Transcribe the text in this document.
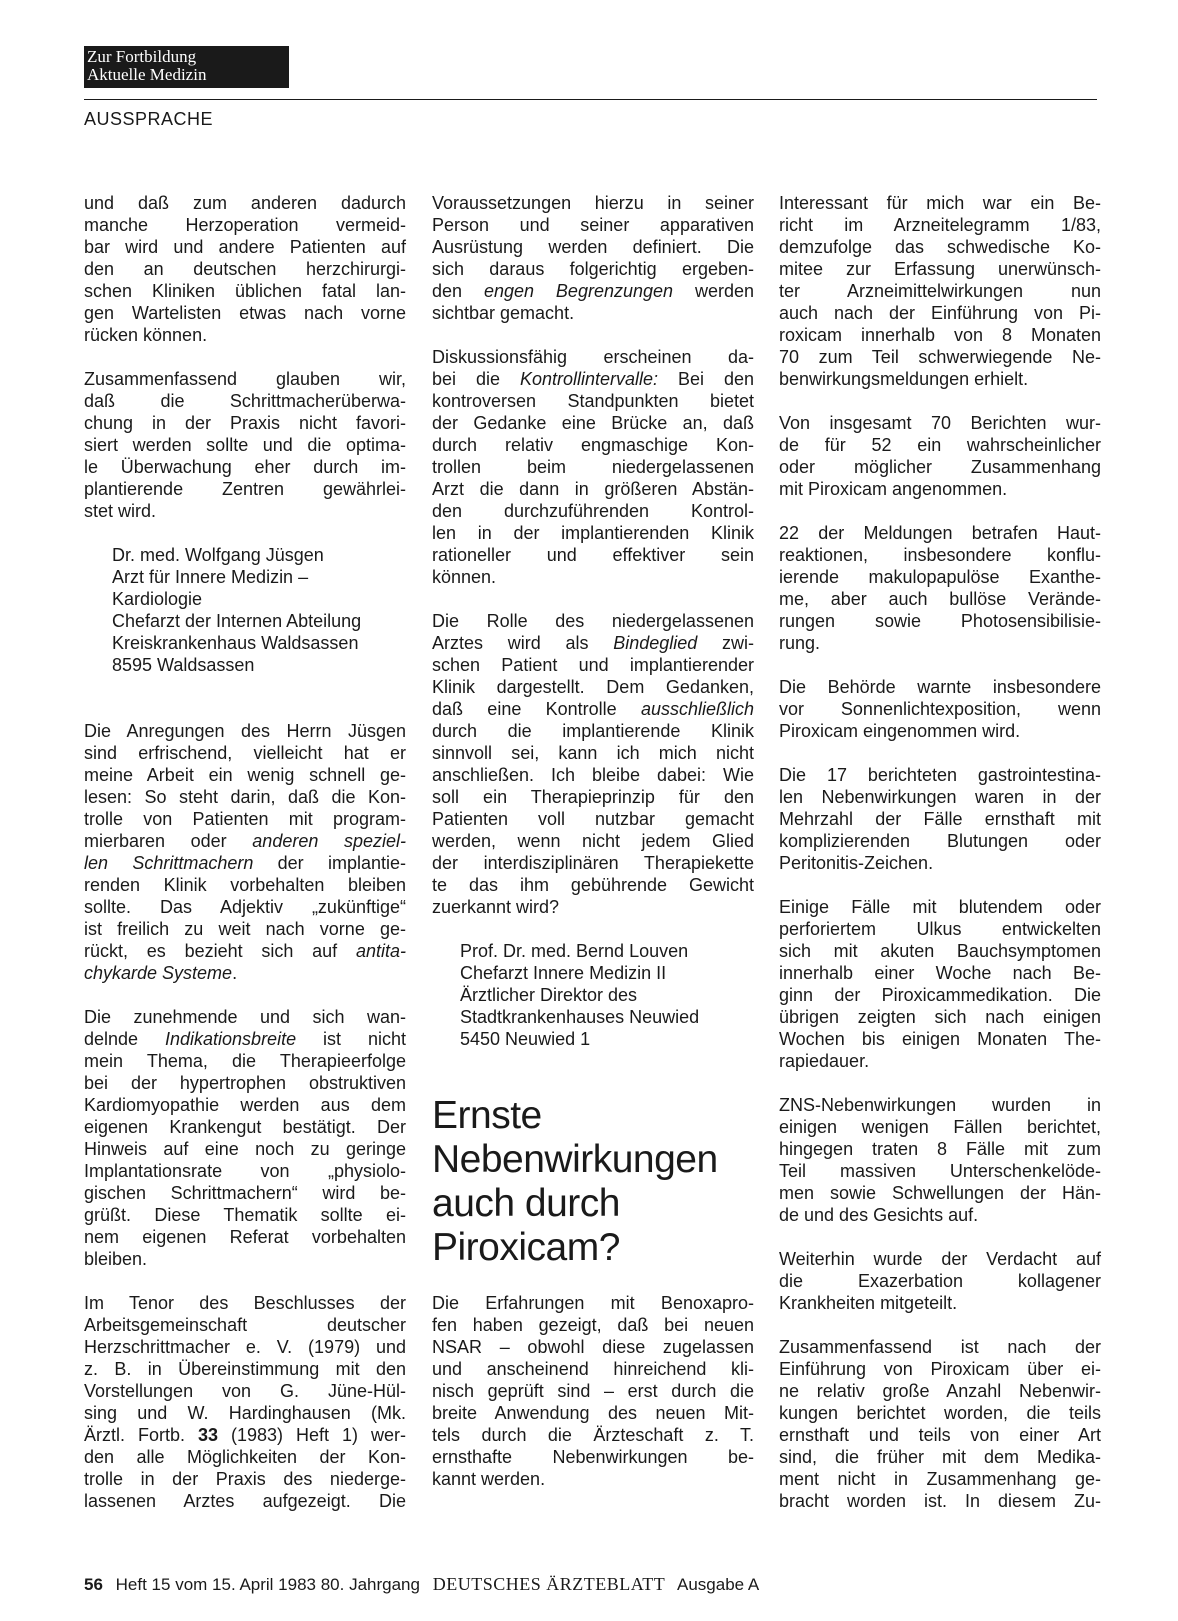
Zur Fortbildung
Aktuelle Medizin
AUSSPRACHE

und daß zum anderen dadurch
manche Herzoperation vermeid-
bar wird und andere Patienten auf
den an deutschen herzchirurgi-
schen Kliniken üblichen fatal lan-
gen Wartelisten etwas nach vorne
rücken können.

Zusammenfassend glauben wir,
daß die Schrittmacherüberwa-
chung in der Praxis nicht favori-
siert werden sollte und die optima-
le Überwachung eher durch im-
plantierende Zentren gewährlei-
stet wird.

Dr. med. Wolfgang Jüsgen
Arzt für Innere Medizin –
Kardiologie
Chefarzt der Internen Abteilung
Kreiskrankenhaus Waldsassen
8595 Waldsassen

Die Anregungen des Herrn Jüsgen
sind erfrischend, vielleicht hat er
meine Arbeit ein wenig schnell ge-
lesen: So steht darin, daß die Kon-
trolle von Patienten mit program-
mierbaren oder anderen speziel-
len Schrittmachern der implantie-
renden Klinik vorbehalten bleiben
sollte. Das Adjektiv „zukünftige“
ist freilich zu weit nach vorne ge-
rückt, es bezieht sich auf antita-
chykarde Systeme.

Die zunehmende und sich wan-
delnde Indikationsbreite ist nicht
mein Thema, die Therapieerfolge
bei der hypertrophen obstruktiven
Kardiomyopathie werden aus dem
eigenen Krankengut bestätigt. Der
Hinweis auf eine noch zu geringe
Implantationsrate von „physiolo-
gischen Schrittmachern“ wird be-
grüßt. Diese Thematik sollte ei-
nem eigenen Referat vorbehalten
bleiben.

Im Tenor des Beschlusses der
Arbeitsgemeinschaft deutscher
Herzschrittmacher e. V. (1979) und
z. B. in Übereinstimmung mit den
Vorstellungen von G. Jüne-Hül-
sing und W. Hardinghausen (Mk.
Ärztl. Fortb. 33 (1983) Heft 1) wer-
den alle Möglichkeiten der Kon-
trolle in der Praxis des niederge-
lassenen Arztes aufgezeigt. Die

Voraussetzungen hierzu in seiner
Person und seiner apparativen
Ausrüstung werden definiert. Die
sich daraus folgerichtig ergeben-
den engen Begrenzungen werden
sichtbar gemacht.

Diskussionsfähig erscheinen da-
bei die Kontrollintervalle: Bei den
kontroversen Standpunkten bietet
der Gedanke eine Brücke an, daß
durch relativ engmaschige Kon-
trollen beim niedergelassenen
Arzt die dann in größeren Abstän-
den durchzuführenden Kontrol-
len in der implantierenden Klinik
rationeller und effektiver sein
können.

Die Rolle des niedergelassenen
Arztes wird als Bindeglied zwi-
schen Patient und implantierender
Klinik dargestellt. Dem Gedanken,
daß eine Kontrolle ausschließlich
durch die implantierende Klinik
sinnvoll sei, kann ich mich nicht
anschließen. Ich bleibe dabei: Wie
soll ein Therapieprinzip für den
Patienten voll nutzbar gemacht
werden, wenn nicht jedem Glied
der interdisziplinären Therapiekette
te das ihm gebührende Gewicht
zuerkannt wird?

Prof. Dr. med. Bernd Louven
Chefarzt Innere Medizin II
Ärztlicher Direktor des
Stadtkrankenhauses Neuwied
5450 Neuwied 1
Ernste
Nebenwirkungen
auch durch
Piroxicam?

Die Erfahrungen mit Benoxapro-
fen haben gezeigt, daß bei neuen
NSAR – obwohl diese zugelassen
und anscheinend hinreichend kli-
nisch geprüft sind – erst durch die
breite Anwendung des neuen Mit-
tels durch die Ärzteschaft z. T.
ernsthafte Nebenwirkungen be-
kannt werden.

Interessant für mich war ein Be-
richt im Arzneitelegramm 1/83,
demzufolge das schwedische Ko-
mitee zur Erfassung unerwünsch-
ter Arzneimittelwirkungen nun
auch nach der Einführung von Pi-
roxicam innerhalb von 8 Monaten
70 zum Teil schwerwiegende Ne-
benwirkungsmeldungen erhielt.

Von insgesamt 70 Berichten wur-
de für 52 ein wahrscheinlicher
oder möglicher Zusammenhang
mit Piroxicam angenommen.

22 der Meldungen betrafen Haut-
reaktionen, insbesondere konflu-
ierende makulopapulöse Exanthe-
me, aber auch bullöse Verände-
rungen sowie Photosensibilisie-
rung.

Die Behörde warnte insbesondere
vor Sonnenlichtexposition, wenn
Piroxicam eingenommen wird.

Die 17 berichteten gastrointestina-
len Nebenwirkungen waren in der
Mehrzahl der Fälle ernsthaft mit
komplizierenden Blutungen oder
Peritonitis-Zeichen.

Einige Fälle mit blutendem oder
perforiertem Ulkus entwickelten
sich mit akuten Bauchsymptomen
innerhalb einer Woche nach Be-
ginn der Piroxicammedikation. Die
übrigen zeigten sich nach einigen
Wochen bis einigen Monaten The-
rapiedauer.

ZNS-Nebenwirkungen wurden in
einigen wenigen Fällen berichtet,
hingegen traten 8 Fälle mit zum
Teil massiven Unterschenkelöde-
men sowie Schwellungen der Hän-
de und des Gesichts auf.

Weiterhin wurde der Verdacht auf
die Exazerbation kollagener
Krankheiten mitgeteilt.

Zusammenfassend ist nach der
Einführung von Piroxicam über ei-
ne relativ große Anzahl Nebenwir-
kungen berichtet worden, die teils
ernsthaft und teils von einer Art
sind, die früher mit dem Medika-
ment nicht in Zusammenhang ge-
bracht worden ist. In diesem Zu-

56 Heft 15 vom 15. April 1983 80. Jahrgang DEUTSCHES ÄRZTEBLATT Ausgabe A
